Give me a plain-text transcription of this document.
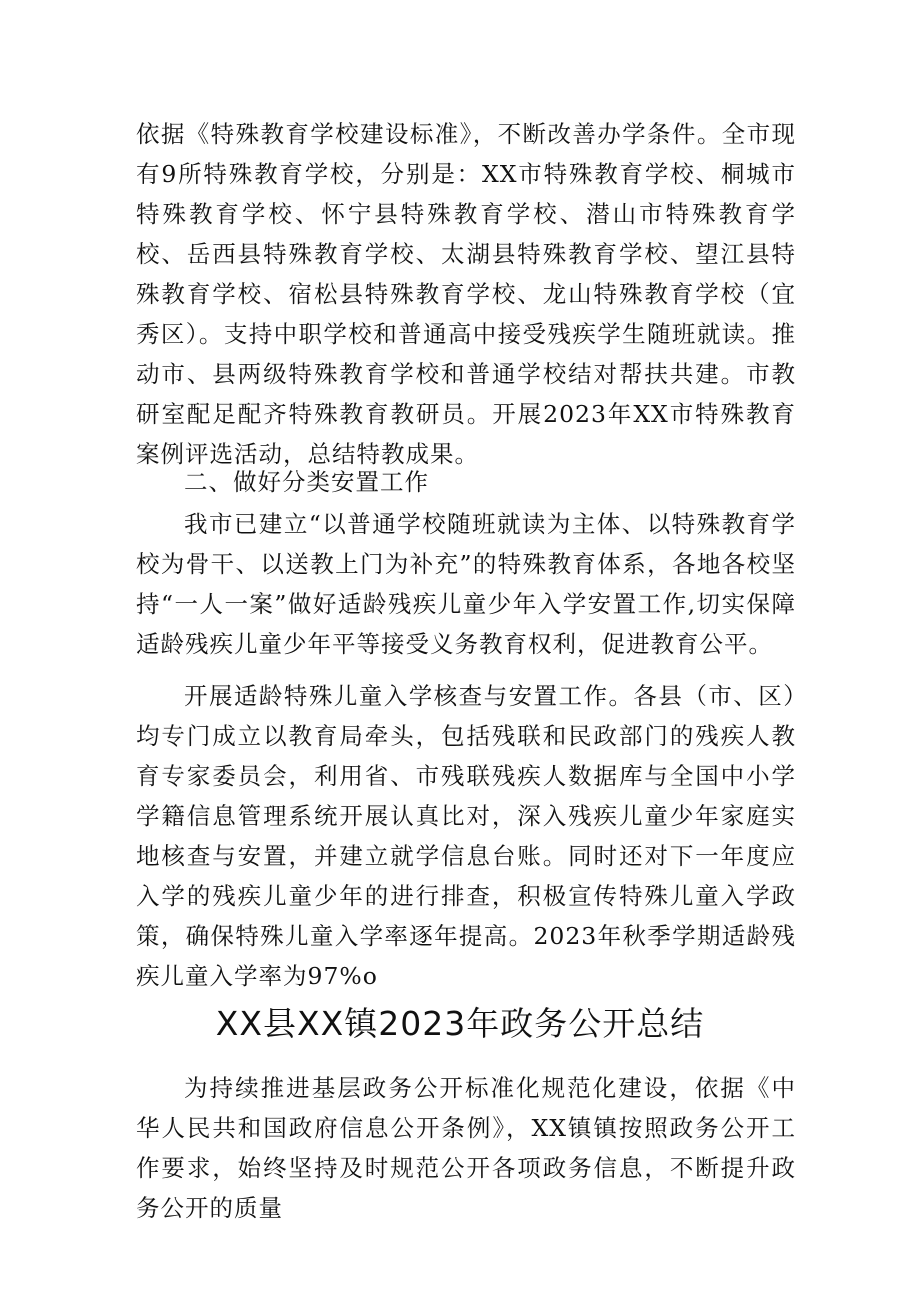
依据《特殊教育学校建设标准》，不断改善办学条件。全市现有9所特殊教育学校，分别是：XX市特殊教育学校、桐城市特殊教育学校、怀宁县特殊教育学校、潜山市特殊教育学校、岳西县特殊教育学校、太湖县特殊教育学校、望江县特殊教育学校、宿松县特殊教育学校、龙山特殊教育学校（宜秀区）。支持中职学校和普通高中接受残疾学生随班就读。推动市、县两级特殊教育学校和普通学校结对帮扶共建。市教研室配足配齐特殊教育教研员。开展2023年XX市特殊教育案例评选活动，总结特教成果。

二、做好分类安置工作

我市已建立“以普通学校随班就读为主体、以特殊教育学校为骨干、以送教上门为补充”的特殊教育体系，各地各校坚持“一人一案”做好适龄残疾儿童少年入学安置工作,切实保障适龄残疾儿童少年平等接受义务教育权利，促进教育公平。

开展适龄特殊儿童入学核查与安置工作。各县（市、区）均专门成立以教育局牵头，包括残联和民政部门的残疾人教育专家委员会，利用省、市残联残疾人数据库与全国中小学学籍信息管理系统开展认真比对，深入残疾儿童少年家庭实地核查与安置，并建立就学信息台账。同时还对下一年度应入学的残疾儿童少年的进行排查，积极宣传特殊儿童入学政策，确保特殊儿童入学率逐年提高。2023年秋季学期适龄残疾儿童入学率为97%o

XX县XX镇2023年政务公开总结

为持续推进基层政务公开标准化规范化建设，依据《中华人民共和国政府信息公开条例》，XX镇镇按照政务公开工作要求，始终坚持及时规范公开各项政务信息，不断提升政务公开的质量
